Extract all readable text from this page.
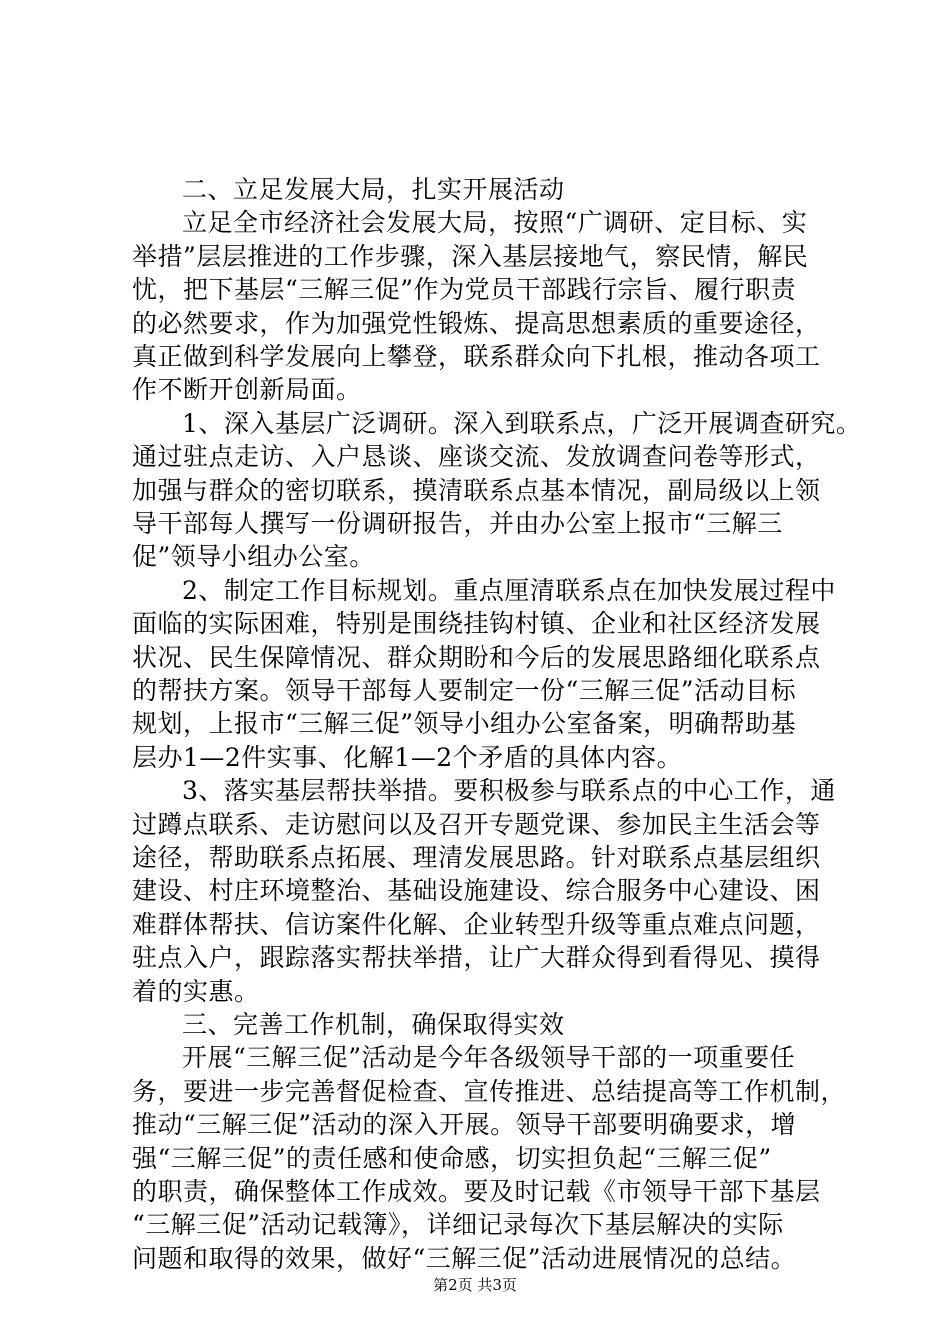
二、立足发展大局，扎实开展活动
立足全市经济社会发展大局，按照“广调研、定目标、实
举措”层层推进的工作步骤，深入基层接地气，察民情，解民
忧，把下基层“三解三促”作为党员干部践行宗旨、履行职责
的必然要求，作为加强党性锻炼、提高思想素质的重要途径，
真正做到科学发展向上攀登，联系群众向下扎根，推动各项工
作不断开创新局面。
1、深入基层广泛调研。深入到联系点，广泛开展调查研究。
通过驻点走访、入户恳谈、座谈交流、发放调查问卷等形式，
加强与群众的密切联系，摸清联系点基本情况，副局级以上领
导干部每人撰写一份调研报告，并由办公室上报市“三解三
促”领导小组办公室。
2、制定工作目标规划。重点厘清联系点在加快发展过程中
面临的实际困难，特别是围绕挂钩村镇、企业和社区经济发展
状况、民生保障情况、群众期盼和今后的发展思路细化联系点
的帮扶方案。领导干部每人要制定一份“三解三促”活动目标
规划，上报市“三解三促”领导小组办公室备案，明确帮助基
层办1—2件实事、化解1—2个矛盾的具体内容。
3、落实基层帮扶举措。要积极参与联系点的中心工作，通
过蹲点联系、走访慰问以及召开专题党课、参加民主生活会等
途径，帮助联系点拓展、理清发展思路。针对联系点基层组织
建设、村庄环境整治、基础设施建设、综合服务中心建设、困
难群体帮扶、信访案件化解、企业转型升级等重点难点问题，
驻点入户，跟踪落实帮扶举措，让广大群众得到看得见、摸得
着的实惠。
三、完善工作机制，确保取得实效
开展“三解三促”活动是今年各级领导干部的一项重要任
务，要进一步完善督促检查、宣传推进、总结提高等工作机制，
推动“三解三促”活动的深入开展。领导干部要明确要求，增
强“三解三促”的责任感和使命感，切实担负起“三解三促”
的职责，确保整体工作成效。要及时记载《市领导干部下基层
“三解三促”活动记载簿》，详细记录每次下基层解决的实际
问题和取得的效果，做好“三解三促”活动进展情况的总结。
第2页 共3页
